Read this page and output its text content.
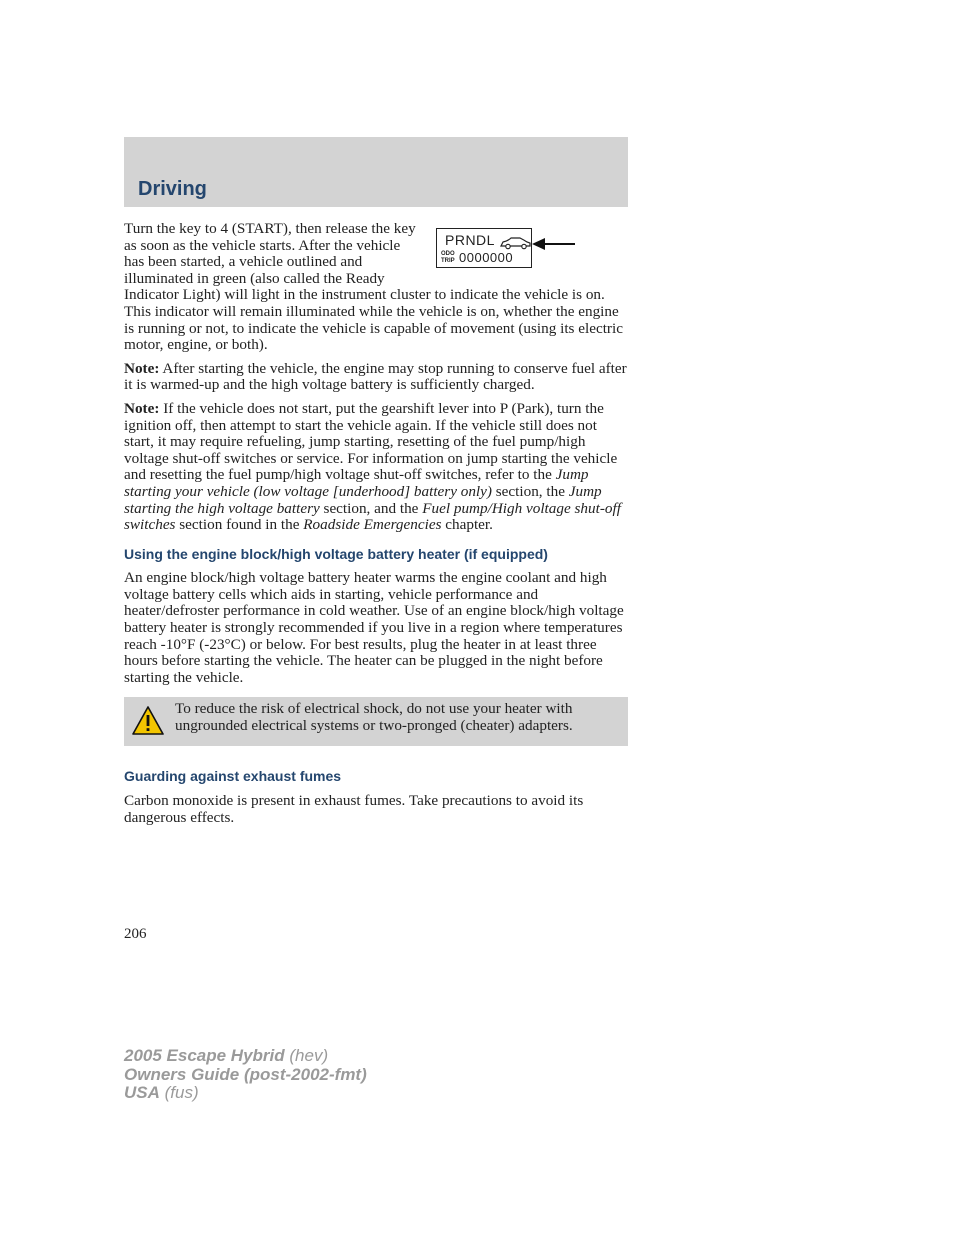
Driving
PRNDL
ODO
TRIP 0000000

Turn the key to 4 (START), then release the key as soon as the vehicle starts. After the vehicle has been started, a vehicle outlined and illuminated in green (also called the Ready Indicator Light) will light in the instrument cluster to indicate the vehicle is on. This indicator will remain illuminated while the vehicle is on, whether the engine is running or not, to indicate the vehicle is capable of movement (using its electric motor, engine, or both).

Note: After starting the vehicle, the engine may stop running to conserve fuel after it is warmed-up and the high voltage battery is sufficiently charged.

Note: If the vehicle does not start, put the gearshift lever into P (Park), turn the ignition off, then attempt to start the vehicle again. If the vehicle still does not start, it may require refueling, jump starting, resetting of the fuel pump/high voltage shut-off switches or service. For information on jump starting the vehicle and resetting the fuel pump/high voltage shut-off switches, refer to the Jump starting your vehicle (low voltage [underhood] battery only) section, the Jump starting the high voltage battery section, and the Fuel pump/High voltage shut-off switches section found in the Roadside Emergencies chapter.

Using the engine block/high voltage battery heater (if equipped)

An engine block/high voltage battery heater warms the engine coolant and high voltage battery cells which aids in starting, vehicle performance and heater/defroster performance in cold weather. Use of an engine block/high voltage battery heater is strongly recommended if you live in a region where temperatures reach -10°F (-23°C) or below. For best results, plug the heater in at least three hours before starting the vehicle. The heater can be plugged in the night before starting the vehicle.

To reduce the risk of electrical shock, do not use your heater with ungrounded electrical systems or two-pronged (cheater) adapters.
Guarding against exhaust fumes

Carbon monoxide is present in exhaust fumes. Take precautions to avoid its dangerous effects.

206
2005 Escape Hybrid (hev)
Owners Guide (post-2002-fmt)
USA (fus)
